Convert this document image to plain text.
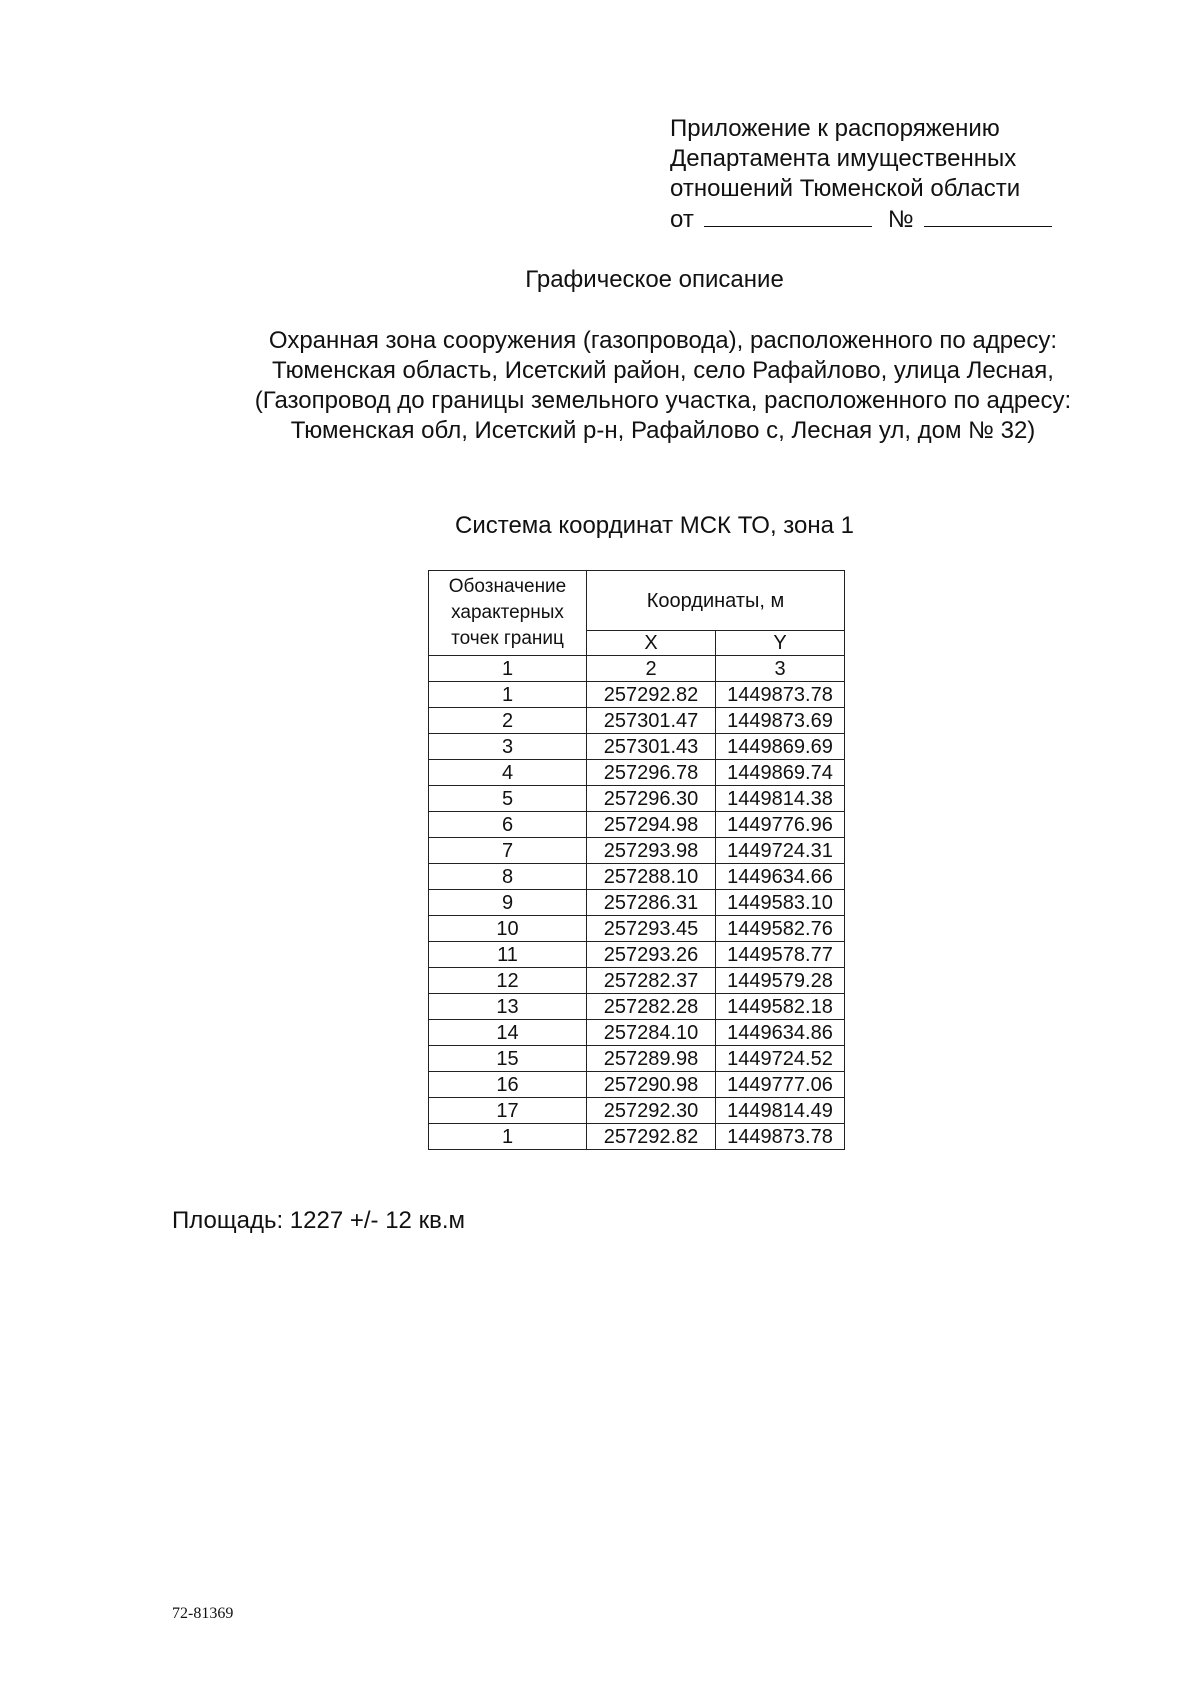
Приложение к распоряжению
Департамента имущественных
отношений Тюменской области
от	№
Графическое описание
Охранная зона сооружения (газопровода), расположенного по адресу:
Тюменская область, Исетский район, село Рафайлово, улица Лесная,
(Газопровод до границы земельного участка, расположенного по адресу:
Тюменская обл, Исетский р-н, Рафайлово с, Лесная ул, дом № 32)
Система координат МСК ТО, зона 1
Обозначение
характерных
точек границ	Координаты, м	
	X	Y
1	2	3
1	257292.82	1449873.78
2	257301.47	1449873.69
3	257301.43	1449869.69
4	257296.78	1449869.74
5	257296.30	1449814.38
6	257294.98	1449776.96
7	257293.98	1449724.31
8	257288.10	1449634.66
9	257286.31	1449583.10
10	257293.45	1449582.76
11	257293.26	1449578.77
12	257282.37	1449579.28
13	257282.28	1449582.18
14	257284.10	1449634.86
15	257289.98	1449724.52
16	257290.98	1449777.06
17	257292.30	1449814.49
1	257292.82	1449873.78
Площадь: 1227 +/- 12 кв.м
72-81369
